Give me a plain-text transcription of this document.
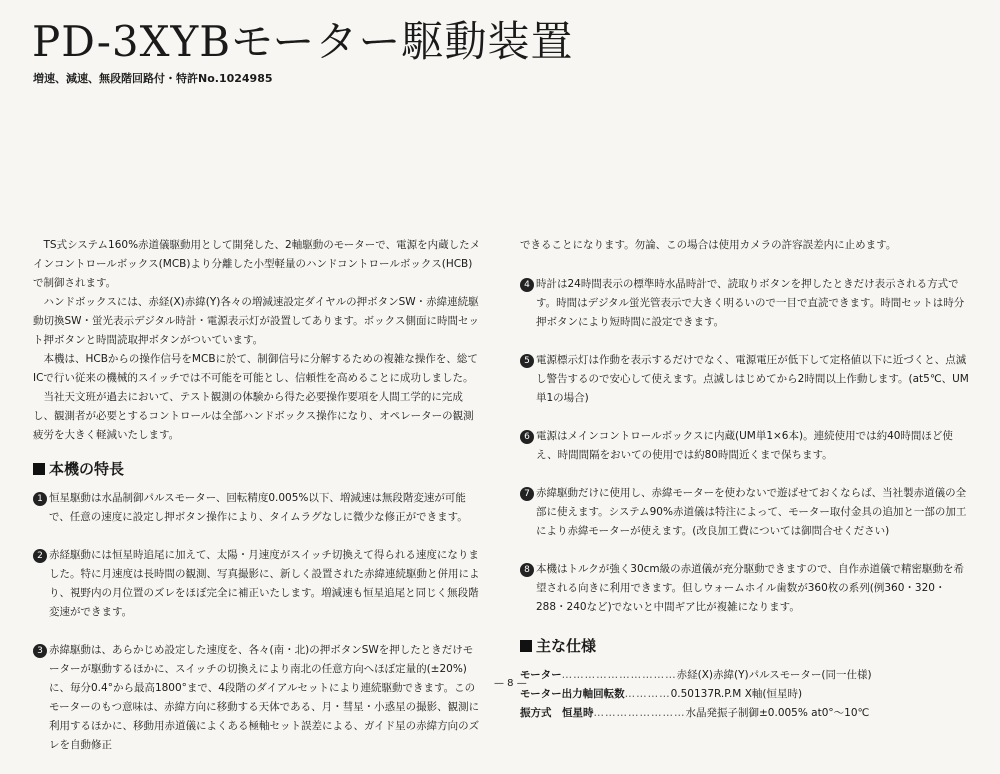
PD-3XYBモーター駆動装置
増速、減速、無段階回路付・特許No.1024985

TS式システム160%赤道儀駆動用として開発した、2軸駆動のモーターで、電源を内蔵したメインコントロールボックス(MCB)より分離した小型軽量のハンドコントロールボックス(HCB)で制御されます。

ハンドボックスには、赤経(X)赤緯(Y)各々の増減速設定ダイヤルの押ボタンSW・赤緯連続駆動切換SW・蛍光表示デジタル時計・電源表示灯が設置してあります。ボックス側面に時間セット押ボタンと時間読取押ボタンがついています。

本機は、HCBからの操作信号をMCBに於て、制御信号に分解するための複雑な操作を、総てICで行い従来の機械的スイッチでは不可能を可能とし、信頼性を高めることに成功しました。

当社天文班が過去において、テスト観測の体験から得た必要操作要項を人間工学的に完成し、観測者が必要とするコントロールは全部ハンドボックス操作になり、オペレーターの観測疲労を大きく軽減いたします。

本機の特長
1 恒星駆動は水晶制御パルスモーター、回転精度0.005%以下、増減速は無段階変速が可能で、任意の速度に設定し押ボタン操作により、タイムラグなしに微少な修正ができます。
2 赤経駆動には恒星時追尾に加えて、太陽・月速度がスイッチ切換えて得られる速度になりました。特に月速度は長時間の観測、写真撮影に、新しく設置された赤緯連続駆動と併用により、視野内の月位置のズレをほぼ完全に補正いたします。増減速も恒星追尾と同じく無段階変速ができます。
3 赤緯駆動は、あらかじめ設定した速度を、各々(南・北)の押ボタンSWを押したときだけモーターが駆動するほかに、スイッチの切換えにより南北の任意方向へほぼ定量的(±20%)に、毎分0.4°から最高1800°まで、4段階のダイアルセットにより連続駆動できます。このモーターのもつ意味は、赤緯方向に移動する天体である、月・彗星・小惑星の撮影、観測に利用するほかに、移動用赤道儀によくある極軸セット誤差による、ガイド星の赤緯方向のズレを自動修正

できることになります。勿論、この場合は使用カメラの許容誤差内に止めます。

4 時計は24時間表示の標準時水晶時計で、読取りボタンを押したときだけ表示される方式です。時間はデジタル蛍光管表示で大きく明るいので一目で直読できます。時間セットは時分押ボタンにより短時間に設定できます。
5 電源標示灯は作動を表示するだけでなく、電源電圧が低下して定格値以下に近づくと、点滅し警告するので安心して使えます。点滅しはじめてから2時間以上作動します。(at5℃、UM単1の場合)
6 電源はメインコントロールボックスに内蔵(UM単1×6本)。連続使用では約40時間ほど使え、時間間隔をおいての使用では約80時間近くまで保ちます。
7 赤緯駆動だけに使用し、赤緯モーターを使わないで遊ばせておくならば、当社製赤道儀の全部に使えます。システム90%赤道儀は特注によって、モーター取付金具の追加と一部の加工により赤緯モーターが使えます。(改良加工費については御問合せください)
8 本機はトルクが強く30cm級の赤道儀が充分駆動できますので、自作赤道儀で精密駆動を希望される向きに利用できます。但しウォームホイル歯数が360枚の系列(例360・320・288・240など)でないと中間ギア比が複雑になります。
主な仕様
モーター ………………………… 赤経(X)赤緯(Y)パルスモーター(同一仕様)
モーター出力軸回転数 ………… 0.50137R.P.M X軸(恒星時)
振方式　恒星時 …………………… 水晶発振子制御±0.005% at0°〜10℃
— 8 —
